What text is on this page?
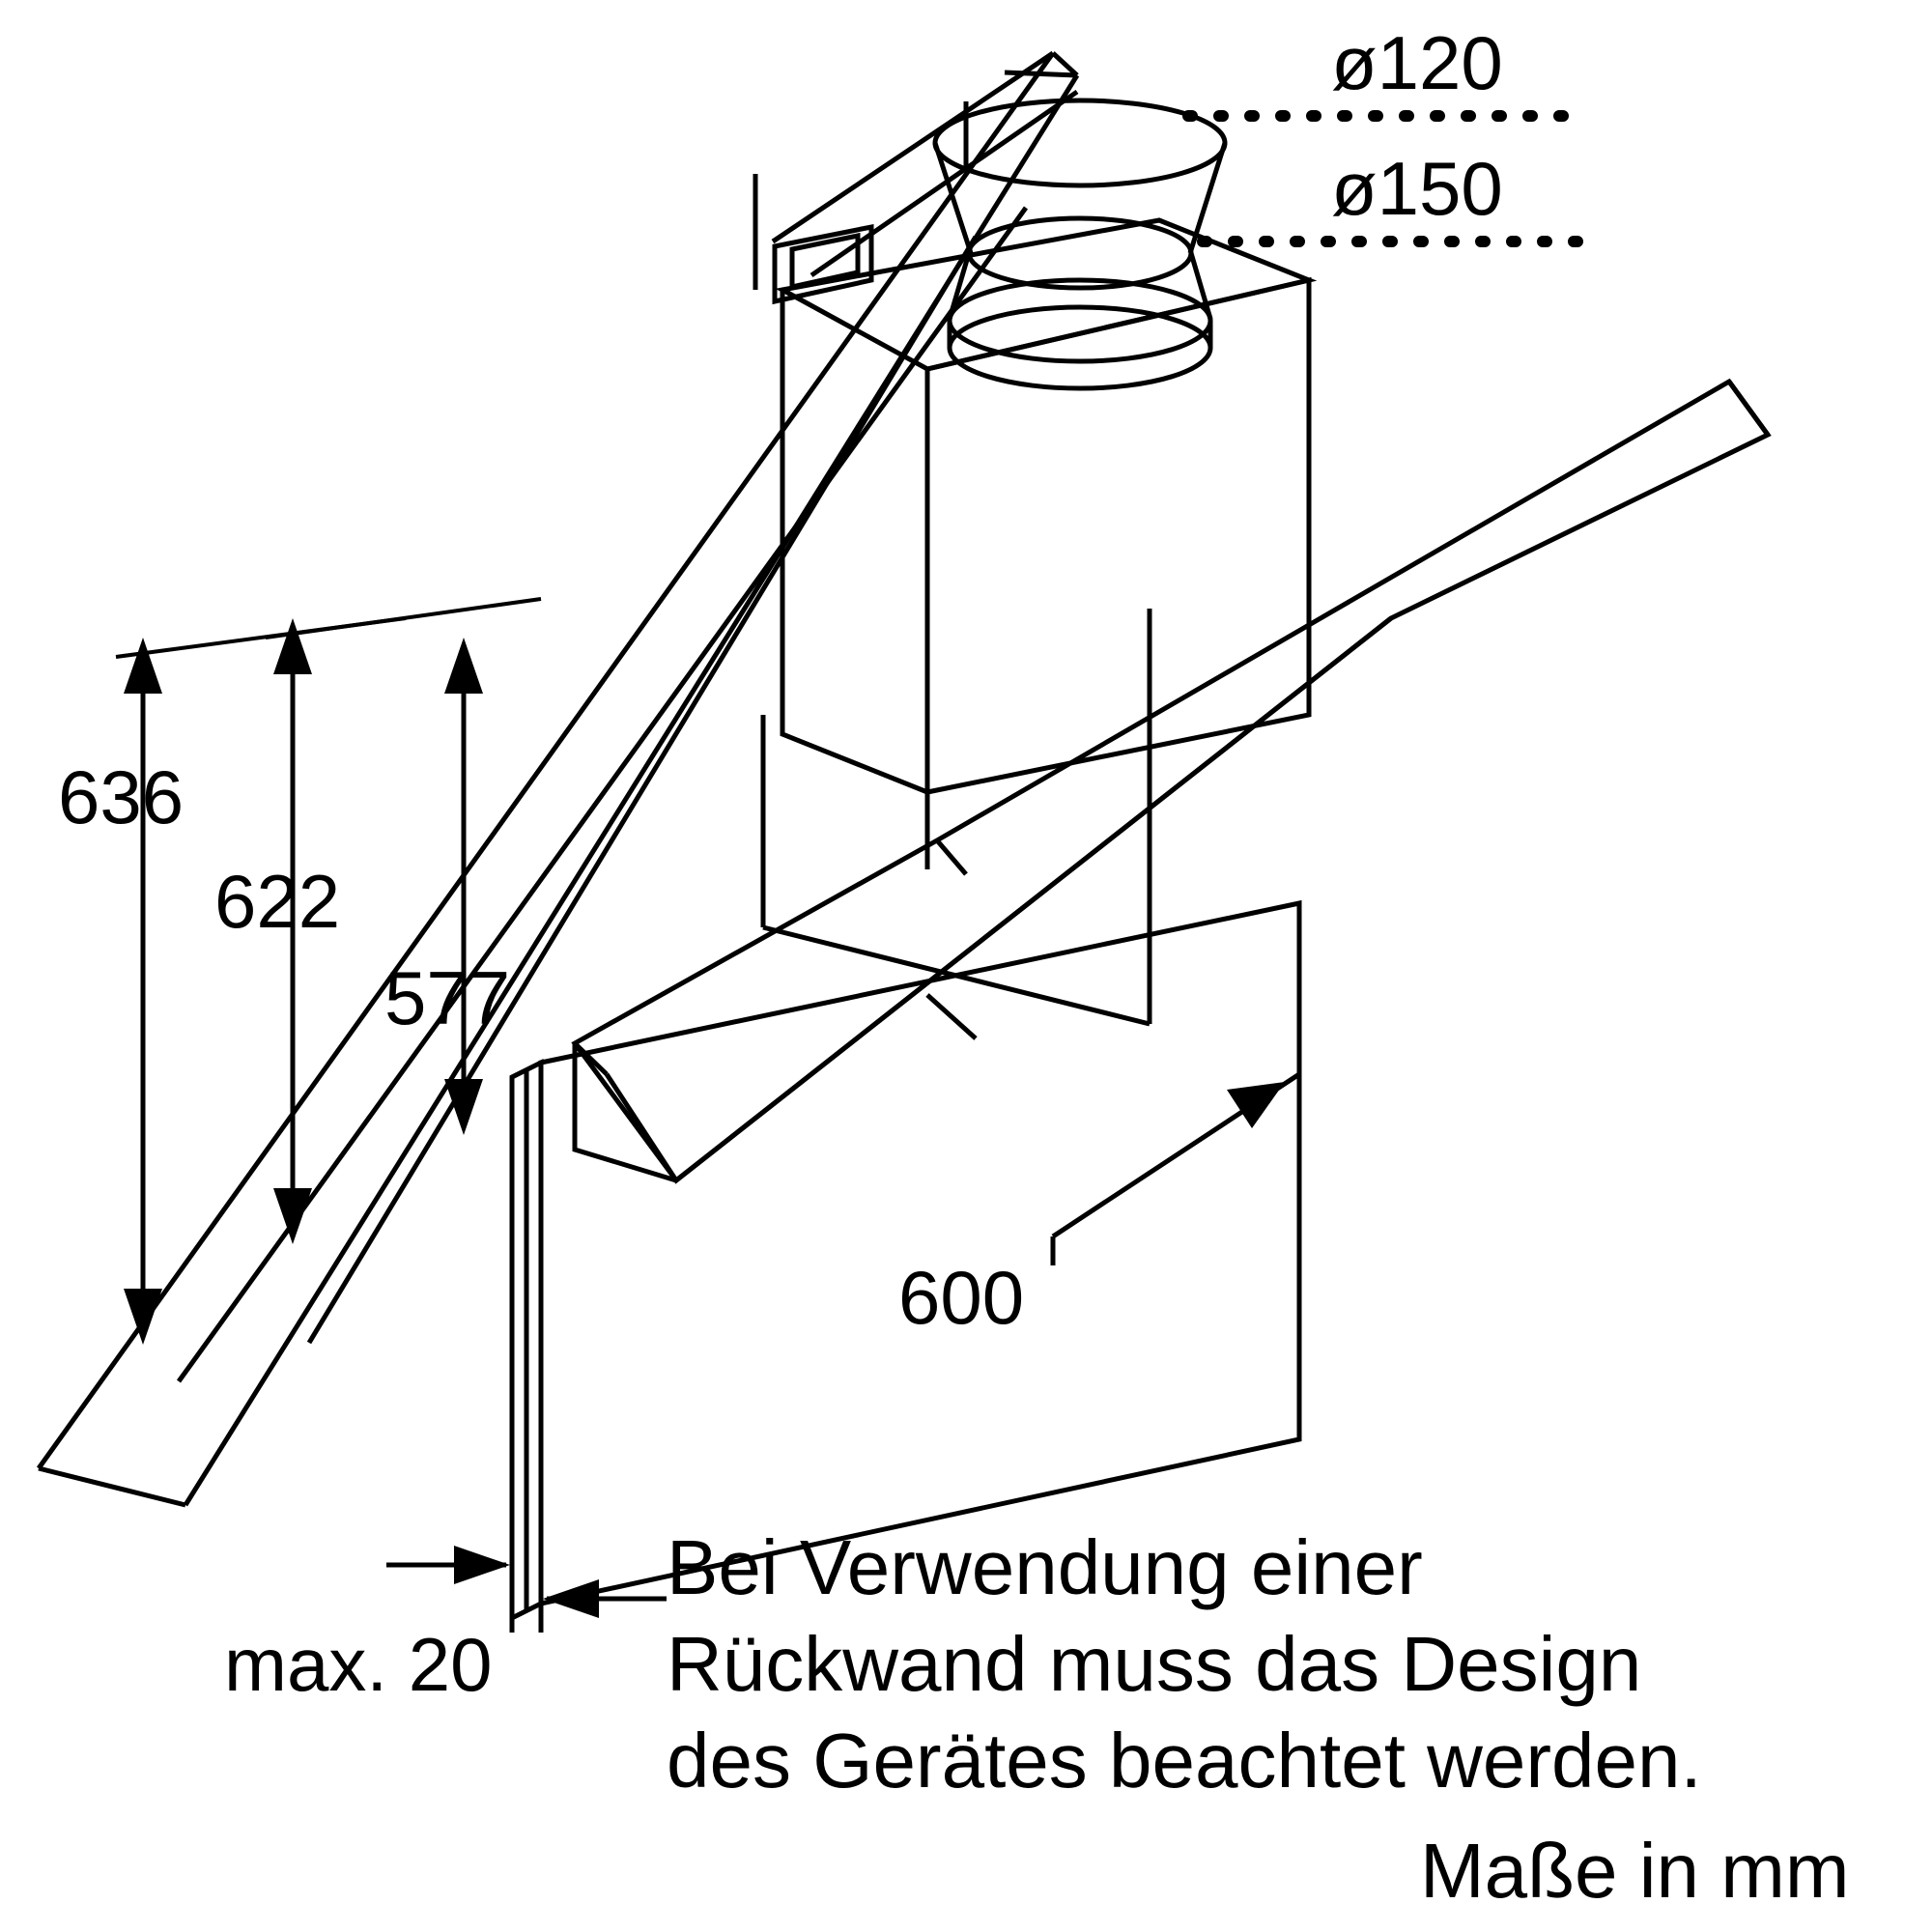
ø120
ø150
636
622
577
600
max. 20
Bei Verwendung einer
Rückwand muss das Design
des Gerätes beachtet werden.
Maße in mm
